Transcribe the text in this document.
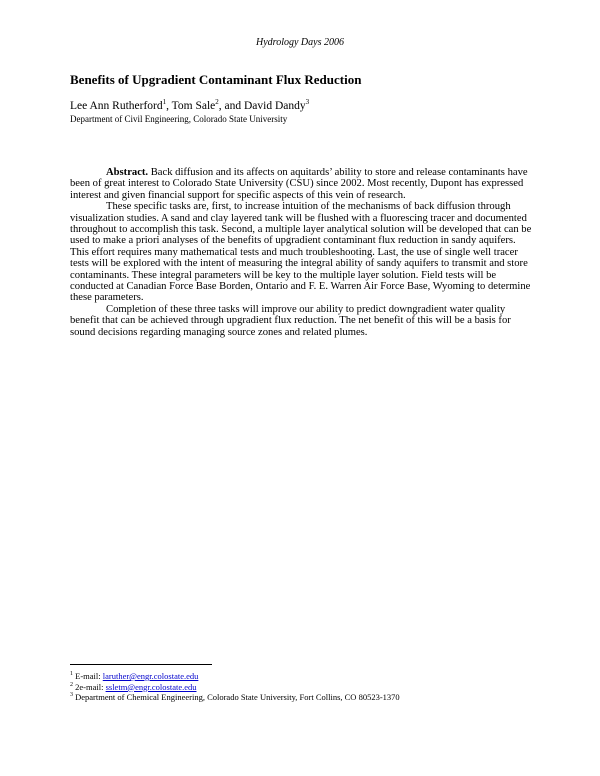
Hydrology Days 2006
Benefits of Upgradient Contaminant Flux Reduction
Lee Ann Rutherford$^1$, Tom Sale$^2$, and David Dandy$^3$
Department of Civil Engineering, Colorado State University

Abstract. Back diffusion and its affects on aquitards’ ability to store and release contaminants have been of great interest to Colorado State University (CSU) since 2002. Most recently, Dupont has expressed interest and given financial support for specific aspects of this vein of research.

These specific tasks are, first, to increase intuition of the mechanisms of back diffusion through visualization studies. A sand and clay layered tank will be flushed with a fluorescing tracer and documented throughout to accomplish this task. Second, a multiple layer analytical solution will be developed that can be used to make a priori analyses of the benefits of upgradient contaminant flux reduction in sandy aquifers. This effort requires many mathematical tests and much troubleshooting. Last, the use of single well tracer tests will be explored with the intent of measuring the integral ability of sandy aquifers to transmit and store contaminants. These integral parameters will be key to the multiple layer solution. Field tests will be conducted at Canadian Force Base Borden, Ontario and F. E. Warren Air Force Base, Wyoming to determine these parameters.

Completion of these three tasks will improve our ability to predict downgradient water quality benefit that can be achieved through upgradient flux reduction. The net benefit of this will be a basis for sound decisions regarding managing source zones and related plumes.

$^1$ E-mail: laruther@engr.colostate.edu
$^2$ 2e-mail: ssletm@engr.colostate.edu
$^3$ Department of Chemical Engineering, Colorado State University, Fort Collins, CO 80523-1370
